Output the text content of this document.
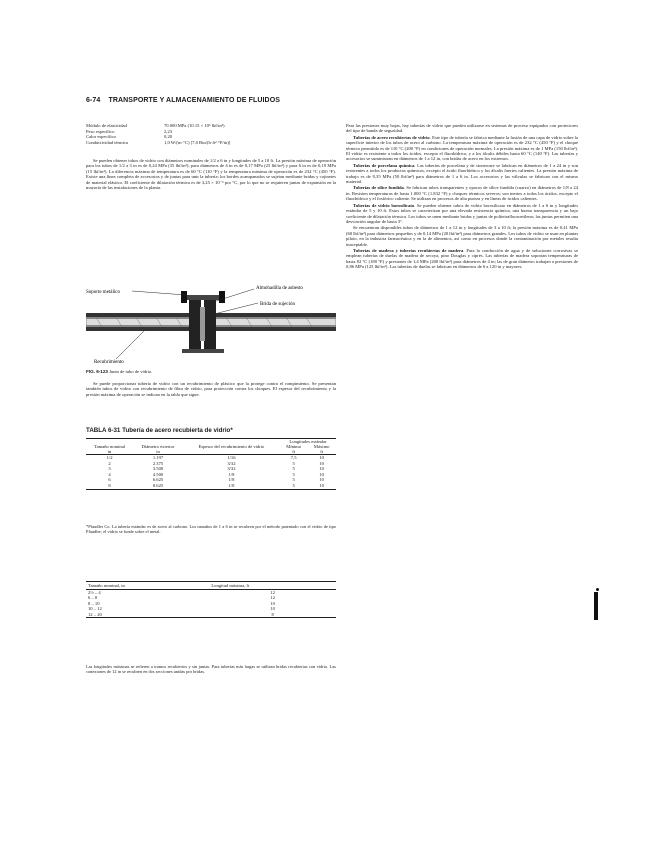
6-74 TRANSPORTE Y ALMACENAMIENTO DE FLUIDOS
Módulo de elasticidad	70.000 MPa (10.15 × 10⁶ lbf/in²)
Peso específico	2,23
Calor específico	0,20
Conductividad térmica	1,0 W/(m·°C) [7,0 Btu/(h·ft²·°F/in)]

Se pueden obtener tubos de vidrio con diámetros nominales de 1/2 a 6 in y longitudes de 5 a 10 ft. La presión máxima de operación para los tubos de 1/2 a 3 in es de 0,24 MPa (35 lbf/in²); para diámetros de 4 in es de 0,17 MPa (25 lbf/in²) y para 6 in es de 0,10 MPa (15 lbf/in²). La diferencia máxima de temperatura es de 60 °C (110 °F) y la temperatura máxima de operación es de 232 °C (450 °F). Existe una línea completa de accesorios y de juntas para unir la tubería; los bordes acampanados se sujetan mediante bridas y cojinetes de material elástico. El coeficiente de dilatación térmica es de 3,25 × 10⁻⁶ por °C, por lo que no se requieren juntas de expansión en la mayoría de las instalaciones de la planta.

Soporte metálico
Almohadilla de asbesto
Brida de sujeción
Recubrimiento
FIG. 6-123 Junta de tubo de vidrio.

Se puede proporcionar tubería de vidrio con un recubrimiento de plástico que la protege contra el rompimiento. Se presentan también tubos de vidrio con recubrimiento de fibra de vidrio, para protección contra los choques. El espesor del recubrimiento y la presión máxima de operación se indican en la tabla que sigue.

TABLA 6-31 Tubería de acero recubierta de vidrio*
Tamaño nominal	Diámetro exterior	Espesor del recubrimiento de vidrio	Longitudes estándar	
			Mínimo	Máximo
in	in		ft	ft
1/2	1.197	1/16	7,5	10
2	2.375	3/32	5	10
3	3.500	3/32	5	10
4	4.500	1/8	5	10
6	6.625	1/8	5	10
8	8.625	1/8	5	10
*Pfaudler Co. La tubería estándar es de acero al carbono. Los tamaños de 1 a 6 in se recubren por el método patentado con el vidrio de tipo Pfaudler; el vidrio se funde sobre el metal.
Tamaño nominal, in	Longitud máxima, ft
2½ – 4	12
6 – 8	12
8 – 10	10
10 – 12	10
12 – 20	8
Las longitudes máximas se refieren a tramos recubiertos y sin juntas. Para tuberías más largas se utilizan bridas recubiertas con vidrio. Las conexiones de 12 in se recubren en dos secciones unidas por bridas.

Para las presiones muy bajas, hay tuberías de vidrio que pueden utilizarse en sistemas de proceso equipados con protectores del tipo de banda de seguridad.

Tuberías de acero recubiertas de vidrio. Este tipo de tubería se fabrica mediante la fusión de una capa de vidrio sobre la superficie interior de los tubos de acero al carbono. La temperatura máxima de operación es de 232 °C (450 °F) y el choque térmico permitido es de 110 °C (200 °F) en condiciones de operación normales. La presión máxima es de 1 MPa (150 lbf/in²). El vidrio es resistente a todos los ácidos, excepto el fluorhídrico, y a los álcalis débiles hasta 60 °C (140 °F). Las tuberías y accesorios se suministran en diámetros de 1 a 12 in, con bridas de acero en los extremos.

Tuberías de porcelana química. Las tuberías de porcelana y de stoneware se fabrican en diámetros de 1 a 24 in y son resistentes a todos los productos químicos, excepto el ácido fluorhídrico y los álcalis fuertes calientes. La presión máxima de trabajo es de 0,35 MPa (50 lbf/in²) para diámetros de 1 a 6 in. Los accesorios y las válvulas se fabrican con el mismo material.

Tuberías de sílice fundida. Se fabrican tubos transparentes y opacos de sílice fundida (cuarzo) en diámetros de 1/8 a 24 in. Resisten temperaturas de hasta 1.000 °C (1.832 °F) y choques térmicos severos; son inertes a todos los ácidos, excepto el fluorhídrico y el fosfórico caliente. Se utilizan en procesos de alta pureza y en líneas de ácidos calientes.

Tuberías de vidrio borosilicato. Se pueden obtener tubos de vidrio borosilicato en diámetros de 1 a 6 in y longitudes estándar de 5 y 10 ft. Estos tubos se caracterizan por una elevada resistencia química, una buena transparencia y un bajo coeficiente de dilatación térmica. Los tubos se unen mediante bridas y juntas de politetrafluoroetileno; las juntas permiten una desviación angular de hasta 3°.

Se encuentran disponibles tubos de diámetros de 1 a 12 in y longitudes de 3 a 10 ft; la presión máxima es de 0,41 MPa (60 lbf/in²) para diámetros pequeños y de 0,14 MPa (20 lbf/in²) para diámetros grandes. Los tubos de vidrio se usan en plantas piloto, en la industria farmacéutica y en la de alimentos, así como en procesos donde la contaminación por metales resulta inaceptable.

Tuberías de madera y tuberías recubiertas de madera. Para la conducción de agua y de soluciones corrosivas se emplean tuberías de duelas de madera de secoya, pino Douglas y ciprés. Las tuberías de madera soportan temperaturas de hasta 82 °C (180 °F) y presiones de 1,4 MPa (200 lbf/in²) para diámetros de 4 in; las de gran diámetro trabajan a presiones de 0,86 MPa (125 lbf/in²). Las tuberías de duelas se fabrican en diámetros de 6 a 120 in y mayores.
